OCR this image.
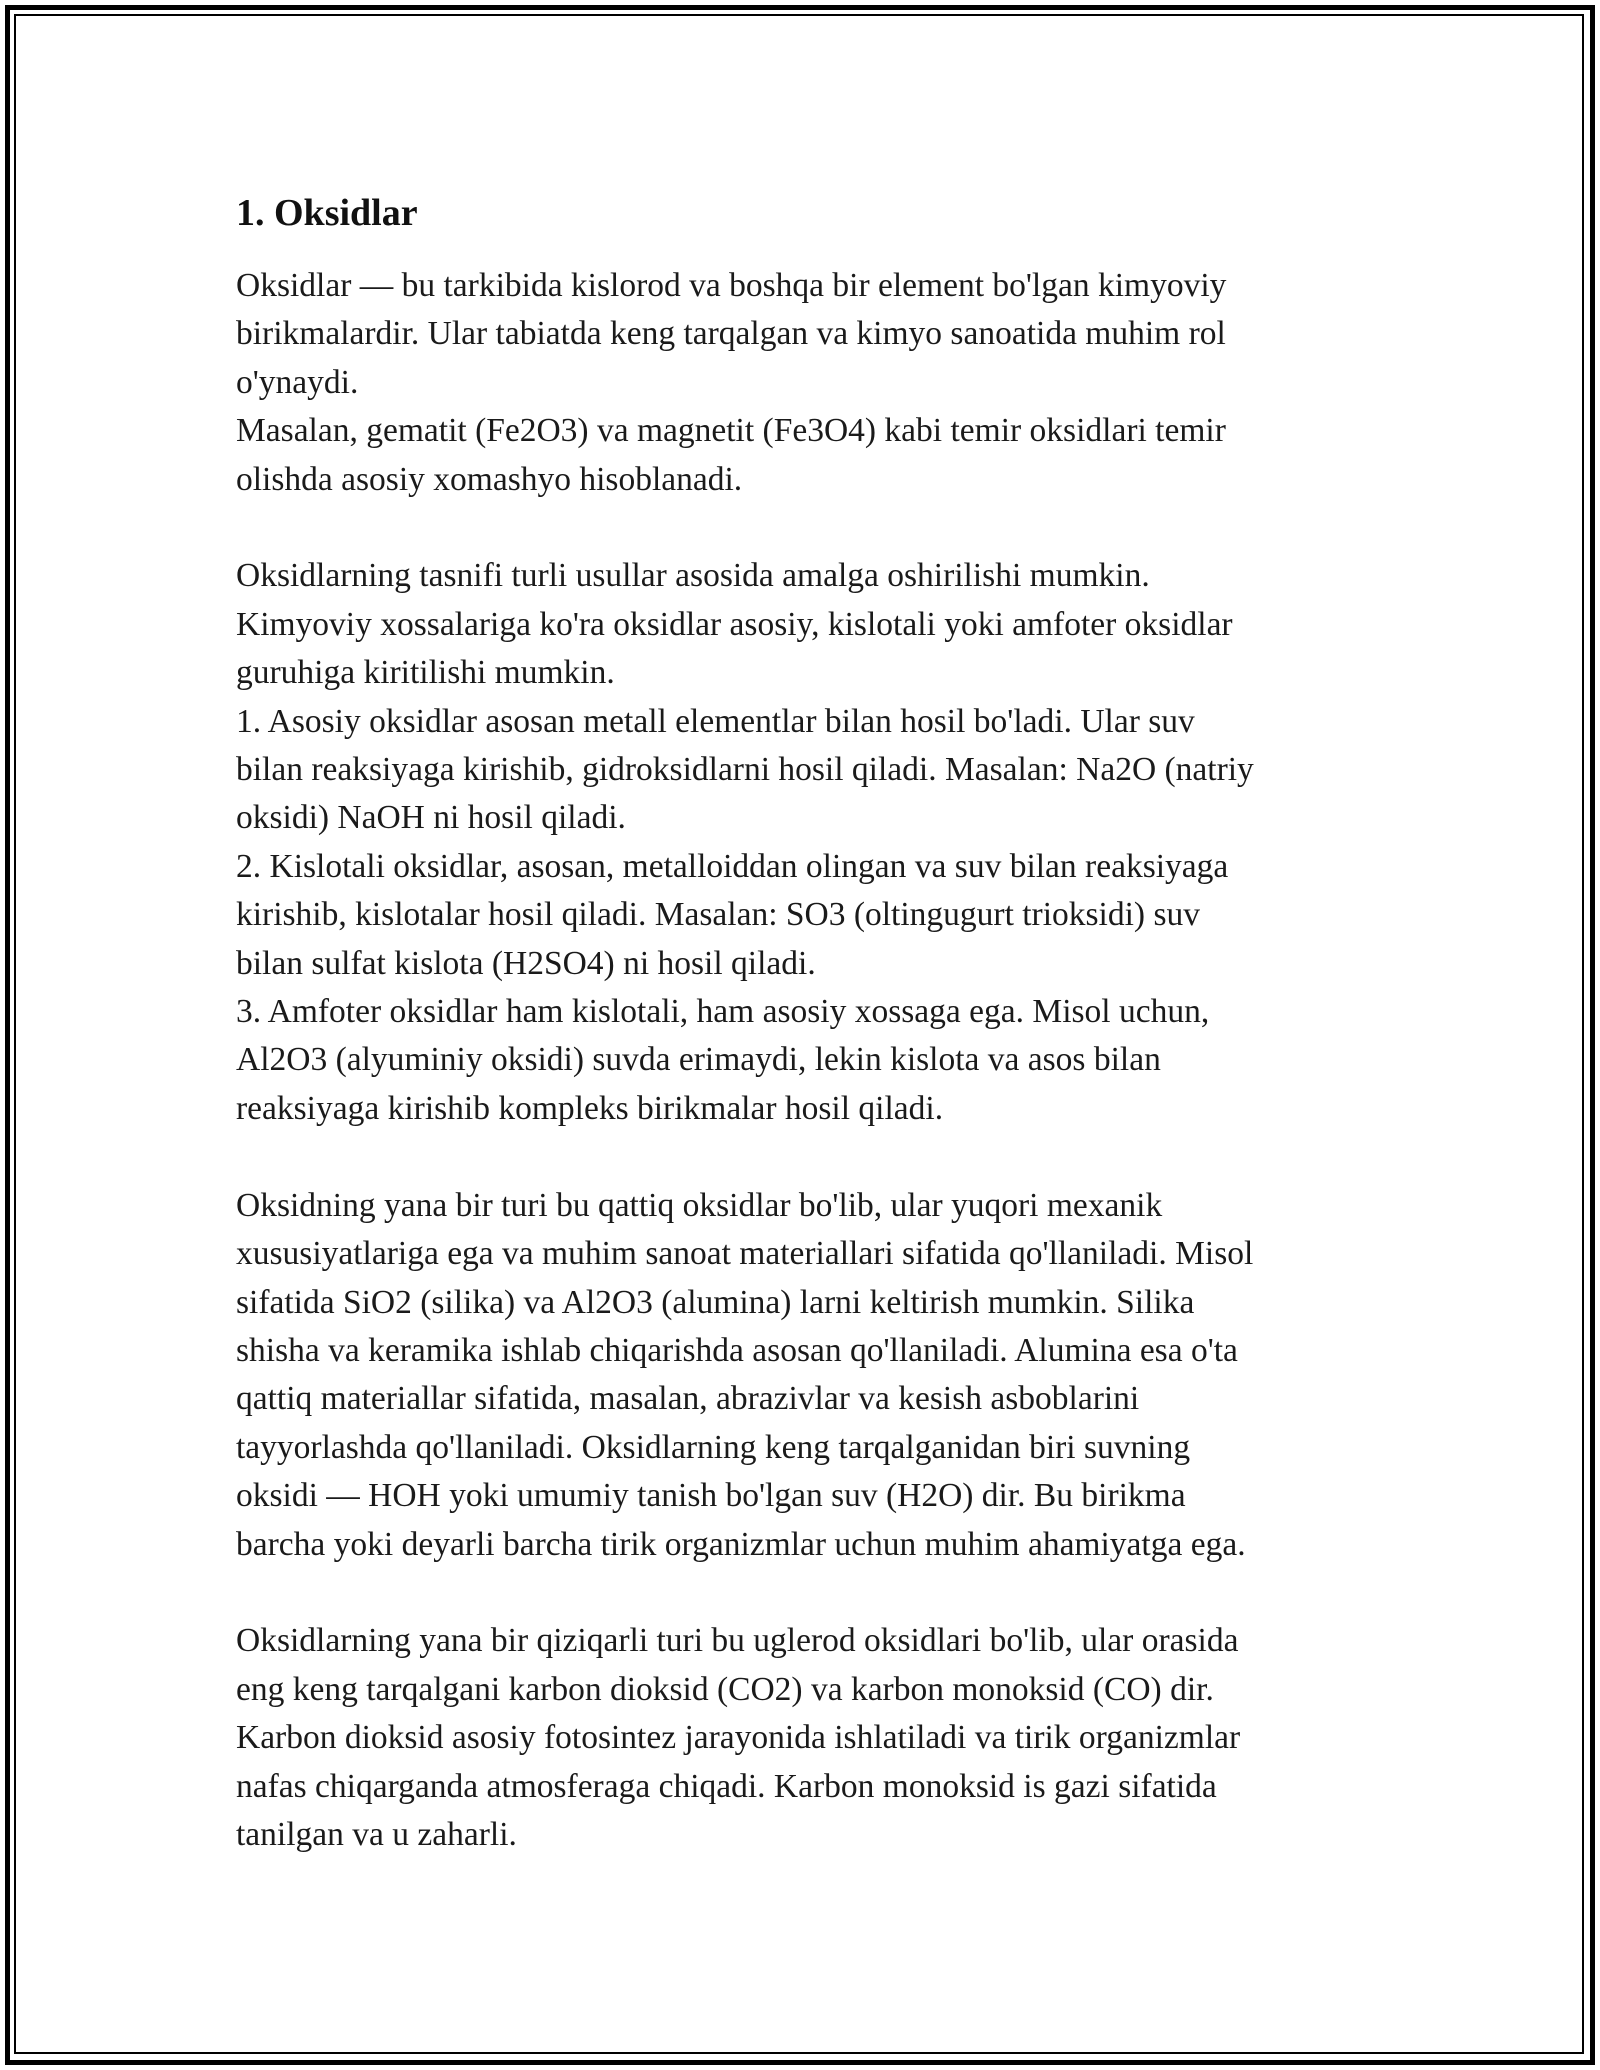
1. Oksidlar

Oksidlar — bu tarkibida kislorod va boshqa bir element bo'lgan kimyoviy
birikmalardir. Ular tabiatda keng tarqalgan va kimyo sanoatida muhim rol
o'ynaydi.
Masalan, gematit (Fe2O3) va magnetit (Fe3O4) kabi temir oksidlari temir
olishda asosiy xomashyo hisoblanadi.

Oksidlarning tasnifi turli usullar asosida amalga oshirilishi mumkin.
Kimyoviy xossalariga ko'ra oksidlar asosiy, kislotali yoki amfoter oksidlar
guruhiga kiritilishi mumkin.
1. Asosiy oksidlar asosan metall elementlar bilan hosil bo'ladi. Ular suv
bilan reaksiyaga kirishib, gidroksidlarni hosil qiladi. Masalan: Na2O (natriy
oksidi) NaOH ni hosil qiladi.
2. Kislotali oksidlar, asosan, metalloiddan olingan va suv bilan reaksiyaga
kirishib, kislotalar hosil qiladi. Masalan: SO3 (oltingugurt trioksidi) suv
bilan sulfat kislota (H2SO4) ni hosil qiladi.
3. Amfoter oksidlar ham kislotali, ham asosiy xossaga ega. Misol uchun,
Al2O3 (alyuminiy oksidi) suvda erimaydi, lekin kislota va asos bilan
reaksiyaga kirishib kompleks birikmalar hosil qiladi.

Oksidning yana bir turi bu qattiq oksidlar bo'lib, ular yuqori mexanik
xususiyatlariga ega va muhim sanoat materiallari sifatida qo'llaniladi. Misol
sifatida SiO2 (silika) va Al2O3 (alumina) larni keltirish mumkin. Silika
shisha va keramika ishlab chiqarishda asosan qo'llaniladi. Alumina esa o'ta
qattiq materiallar sifatida, masalan, abrazivlar va kesish asboblarini
tayyorlashda qo'llaniladi. Oksidlarning keng tarqalganidan biri suvning
oksidi — HOH yoki umumiy tanish bo'lgan suv (H2O) dir. Bu birikma
barcha yoki deyarli barcha tirik organizmlar uchun muhim ahamiyatga ega.

Oksidlarning yana bir qiziqarli turi bu uglerod oksidlari bo'lib, ular orasida
eng keng tarqalgani karbon dioksid (CO2) va karbon monoksid (CO) dir.
Karbon dioksid asosiy fotosintez jarayonida ishlatiladi va tirik organizmlar
nafas chiqarganda atmosferaga chiqadi. Karbon monoksid is gazi sifatida
tanilgan va u zaharli.
